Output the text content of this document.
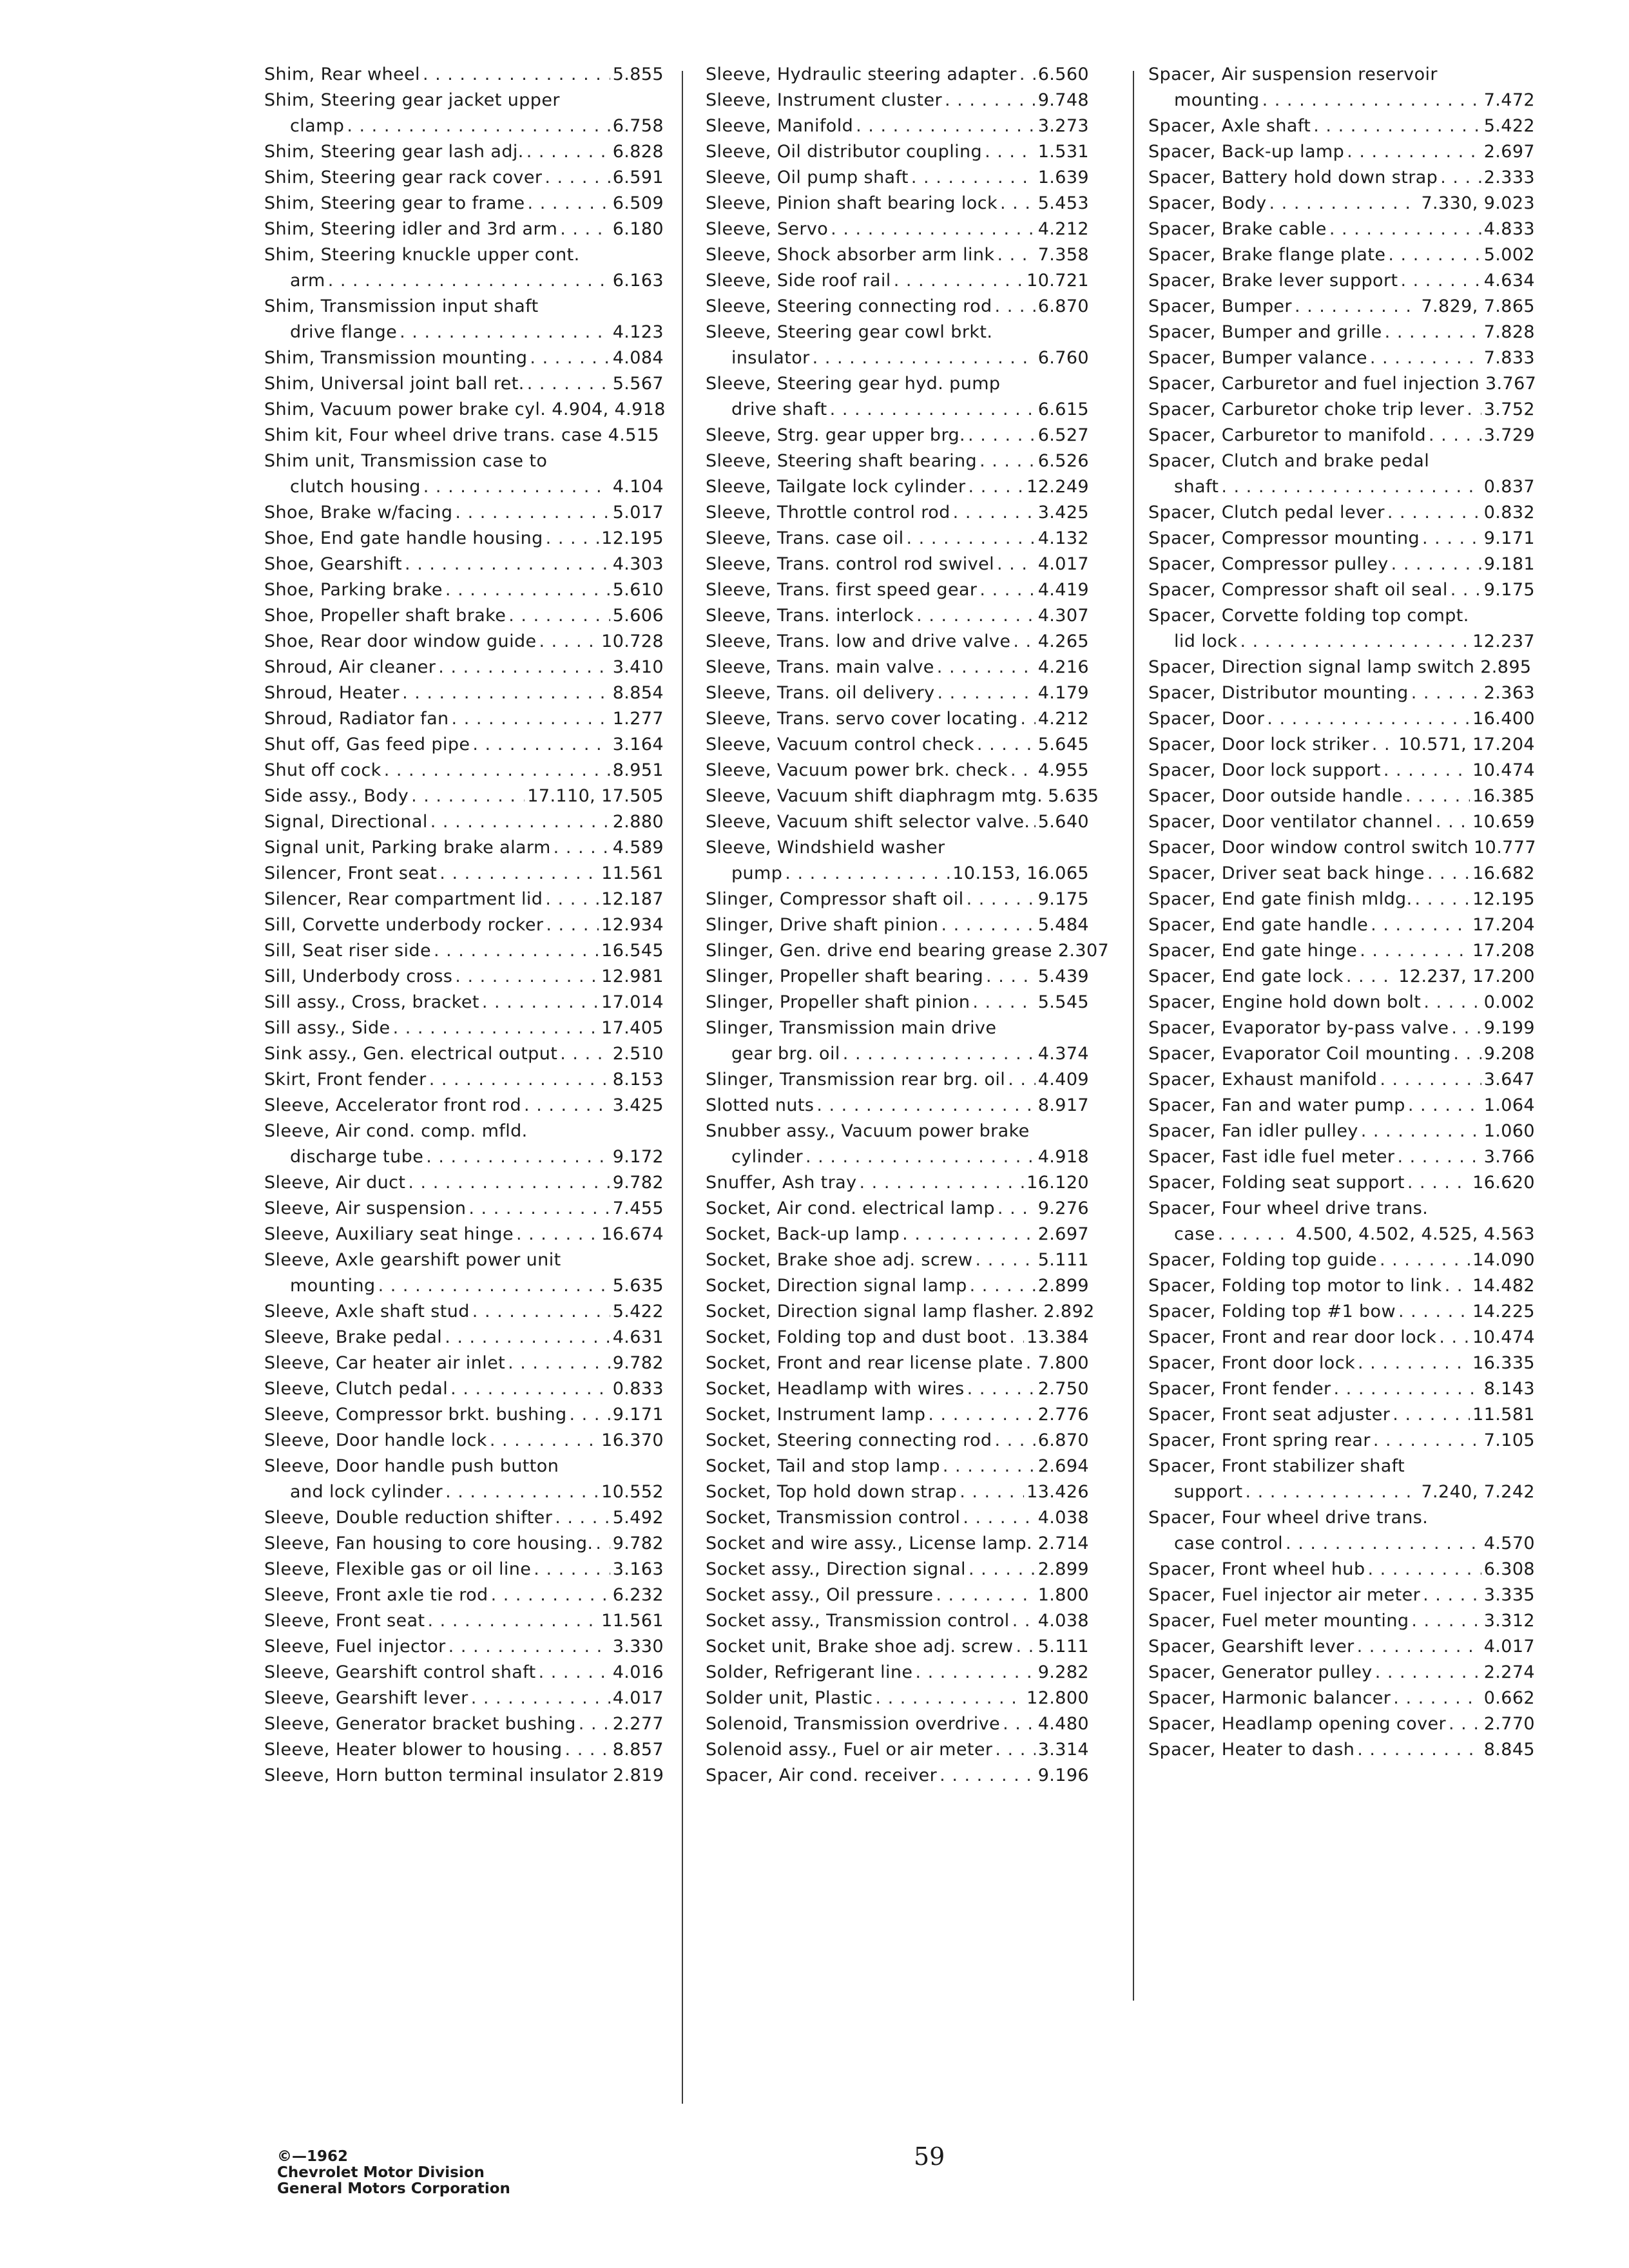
Shim, Rear wheel . . .	5.855
Shim, Steering gear jacket upper
clamp . . .	6.758
Shim, Steering gear lash adj. . . .	6.828
Shim, Steering gear rack cover . . .	6.591
Shim, Steering gear to frame . . .	6.509
Shim, Steering idler and 3rd arm . . .	6.180
Shim, Steering knuckle upper cont.
arm . . .	6.163
Shim, Transmission input shaft
drive flange . . .	4.123
Shim, Transmission mounting . . .	4.084
Shim, Universal joint ball ret. . . .	5.567
Shim, Vacuum power brake cyl. 4.904, 4.918
Shim kit, Four wheel drive trans. case 4.515
Shim unit, Transmission case to
clutch housing . . .	4.104
Shoe, Brake w/facing . . .	5.017
Shoe, End gate handle housing . . .	12.195
Shoe, Gearshift . . .	4.303
Shoe, Parking brake . . .	5.610
Shoe, Propeller shaft brake . . .	5.606
Shoe, Rear door window guide . . .	10.728
Shroud, Air cleaner . . .	3.410
Shroud, Heater . . .	8.854
Shroud, Radiator fan . . .	1.277
Shut off, Gas feed pipe . . .	3.164
Shut off cock . . .	8.951
Side assy., Body . . .	17.110, 17.505
Signal, Directional . . .	2.880
Signal unit, Parking brake alarm . . .	4.589
Silencer, Front seat . . .	11.561
Silencer, Rear compartment lid . . .	12.187
Sill, Corvette underbody rocker . . .	12.934
Sill, Seat riser side . . .	16.545
Sill, Underbody cross . . .	12.981
Sill assy., Cross, bracket . . .	17.014
Sill assy., Side . . .	17.405
Sink assy., Gen. electrical output . . .	2.510
Skirt, Front fender . . .	8.153
Sleeve, Accelerator front rod . . .	3.425
Sleeve, Air cond. comp. mfld.
discharge tube . . .	9.172
Sleeve, Air duct . . .	9.782
Sleeve, Air suspension . . .	7.455
Sleeve, Auxiliary seat hinge . . .	16.674
Sleeve, Axle gearshift power unit
mounting . . .	5.635
Sleeve, Axle shaft stud . . .	5.422
Sleeve, Brake pedal . . .	4.631
Sleeve, Car heater air inlet . . .	9.782
Sleeve, Clutch pedal . . .	0.833
Sleeve, Compressor brkt. bushing . . .	9.171
Sleeve, Door handle lock . . .	16.370
Sleeve, Door handle push button
and lock cylinder . . .	10.552
Sleeve, Double reduction shifter . . .	5.492
Sleeve, Fan housing to core housing. . . . 9.782
Sleeve, Flexible gas or oil line . . .	3.163
Sleeve, Front axle tie rod . . .	6.232
Sleeve, Front seat . . .	11.561
Sleeve, Fuel injector . . .	3.330
Sleeve, Gearshift control shaft . . .	4.016
Sleeve, Gearshift lever . . .	4.017
Sleeve, Generator bracket bushing . . . 2.277
Sleeve, Heater blower to housing . . .	8.857
Sleeve, Horn button terminal insulator 2.819
Sleeve, Hydraulic steering adapter . . . 6.560
Sleeve, Instrument cluster . . .	9.748
Sleeve, Manifold . . .	3.273
Sleeve, Oil distributor coupling . . .	1.531
Sleeve, Oil pump shaft . . .	1.639
Sleeve, Pinion shaft bearing lock . . . 5.453
Sleeve, Servo . . .	4.212
Sleeve, Shock absorber arm link . . . 7.358
Sleeve, Side roof rail . . .	10.721
Sleeve, Steering connecting rod . . .	6.870
Sleeve, Steering gear cowl brkt.
insulator . . .	6.760
Sleeve, Steering gear hyd. pump
drive shaft . . .	6.615
Sleeve, Strg. gear upper brg. . . .	6.527
Sleeve, Steering shaft bearing . . .	6.526
Sleeve, Tailgate lock cylinder . . .	12.249
Sleeve, Throttle control rod . . .	3.425
Sleeve, Trans. case oil . . .	4.132
Sleeve, Trans. control rod swivel . . .	4.017
Sleeve, Trans. first speed gear . . .	4.419
Sleeve, Trans. interlock . . .	4.307
Sleeve, Trans. low and drive valve . . . 4.265
Sleeve, Trans. main valve . . .	4.216
Sleeve, Trans. oil delivery . . .	4.179
Sleeve, Trans. servo cover locating . . . 4.212
Sleeve, Vacuum control check . . .	5.645
Sleeve, Vacuum power brk. check . . . 4.955
Sleeve, Vacuum shift diaphragm mtg. 5.635
Sleeve, Vacuum shift selector valve. . . . 5.640
Sleeve, Windshield washer
pump . . .	10.153, 16.065
Slinger, Compressor shaft oil . . .	9.175
Slinger, Drive shaft pinion . . .	5.484
Slinger, Gen. drive end bearing grease 2.307
Slinger, Propeller shaft bearing . . .	5.439
Slinger, Propeller shaft pinion . . .	5.545
Slinger, Transmission main drive
gear brg. oil . . .	4.374
Slinger, Transmission rear brg. oil . . . 4.409
Slotted nuts . . .	8.917
Snubber assy., Vacuum power brake
cylinder . . .	4.918
Snuffer, Ash tray . . .	16.120
Socket, Air cond. electrical lamp . . . 9.276
Socket, Back-up lamp . . .	2.697
Socket, Brake shoe adj. screw . . .	5.111
Socket, Direction signal lamp . . .	2.899
Socket, Direction signal lamp flasher. 2.892
Socket, Folding top and dust boot . . . 13.384
Socket, Front and rear license plate . . . 7.800
Socket, Headlamp with wires . . .	2.750
Socket, Instrument lamp . . .	2.776
Socket, Steering connecting rod . . .	6.870
Socket, Tail and stop lamp . . .	2.694
Socket, Top hold down strap . . .	13.426
Socket, Transmission control . . .	4.038
Socket and wire assy., License lamp. . . . 2.714
Socket assy., Direction signal . . .	2.899
Socket assy., Oil pressure . . .	1.800
Socket assy., Transmission control . . . 4.038
Socket unit, Brake shoe adj. screw . . . 5.111
Solder, Refrigerant line . . .	9.282
Solder unit, Plastic . . .	12.800
Solenoid, Transmission overdrive . . . 4.480
Solenoid assy., Fuel or air meter . . .	3.314
Spacer, Air cond. receiver . . .	9.196
Spacer, Air suspension reservoir
mounting . . .	7.472
Spacer, Axle shaft . . .	5.422
Spacer, Back-up lamp . . .	2.697
Spacer, Battery hold down strap . . .	2.333
Spacer, Body . . .	7.330, 9.023
Spacer, Brake cable . . .	4.833
Spacer, Brake flange plate . . .	5.002
Spacer, Brake lever support . . .	4.634
Spacer, Bumper . . .	7.829, 7.865
Spacer, Bumper and grille . . .	7.828
Spacer, Bumper valance . . .	7.833
Spacer, Carburetor and fuel injection 3.767
Spacer, Carburetor choke trip lever . . . 3.752
Spacer, Carburetor to manifold . . .	3.729
Spacer, Clutch and brake pedal
shaft . . .	0.837
Spacer, Clutch pedal lever . . .	0.832
Spacer, Compressor mounting . . .	9.171
Spacer, Compressor pulley . . .	9.181
Spacer, Compressor shaft oil seal . . . 9.175
Spacer, Corvette folding top compt.
lid lock . . .	12.237
Spacer, Direction signal lamp switch 2.895
Spacer, Distributor mounting . . .	2.363
Spacer, Door . . .	16.400
Spacer, Door lock striker . . . 10.571, 17.204
Spacer, Door lock support . . .	10.474
Spacer, Door outside handle . . .	16.385
Spacer, Door ventilator channel . . . 10.659
Spacer, Door window control switch 10.777
Spacer, Driver seat back hinge . . .	16.682
Spacer, End gate finish mldg. . . .	12.195
Spacer, End gate handle . . .	17.204
Spacer, End gate hinge . . .	17.208
Spacer, End gate lock . . .	12.237, 17.200
Spacer, Engine hold down bolt . . .	0.002
Spacer, Evaporator by-pass valve . . . 9.199
Spacer, Evaporator Coil mounting . . . 9.208
Spacer, Exhaust manifold . . .	3.647
Spacer, Fan and water pump . . .	1.064
Spacer, Fan idler pulley . . .	1.060
Spacer, Fast idle fuel meter . . .	3.766
Spacer, Folding seat support . . .	16.620
Spacer, Four wheel drive trans.
case . . .	4.500, 4.502, 4.525, 4.563
Spacer, Folding top guide . . .	14.090
Spacer, Folding top motor to link . . . 14.482
Spacer, Folding top #1 bow . . .	14.225
Spacer, Front and rear door lock . . . 10.474
Spacer, Front door lock . . .	16.335
Spacer, Front fender . . .	8.143
Spacer, Front seat adjuster . . .	11.581
Spacer, Front spring rear . . .	7.105
Spacer, Front stabilizer shaft
support . . .	7.240, 7.242
Spacer, Four wheel drive trans.
case control . . .	4.570
Spacer, Front wheel hub . . .	6.308
Spacer, Fuel injector air meter . . .	3.335
Spacer, Fuel meter mounting . . .	3.312
Spacer, Gearshift lever . . .	4.017
Spacer, Generator pulley . . .	2.274
Spacer, Harmonic balancer . . .	0.662
Spacer, Headlamp opening cover . . . 2.770
Spacer, Heater to dash . . .	8.845
©—1962
Chevrolet Motor Division
General Motors Corporation
59
